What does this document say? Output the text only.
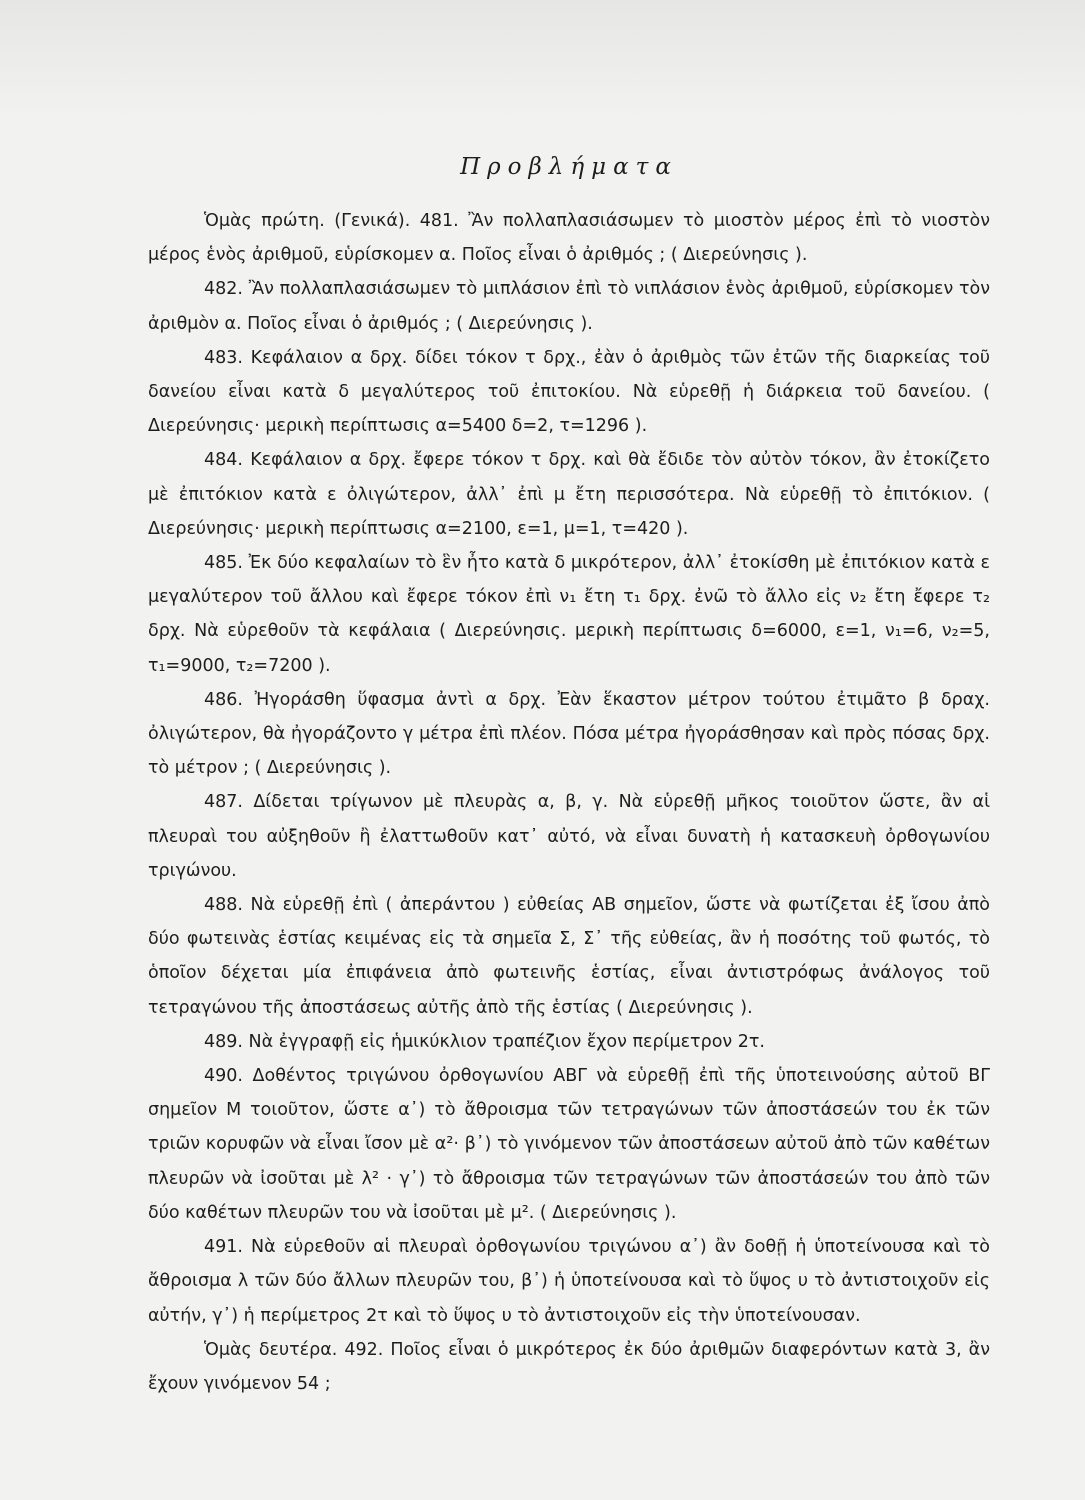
Προβλήματα

Ὁμὰς πρώτη. (Γενικά). 481. Ἂν πολλαπλασιάσωμεν τὸ μιοστὸν μέρος ἐπὶ τὸ νιοστὸν μέρος ἑνὸς ἀριθμοῦ, εὑρίσκομεν α. Ποῖος εἶναι ὁ ἀριθμός ; ( Διερεύνησις ).

482. Ἂν πολλαπλασιάσωμεν τὸ μιπλάσιον ἐπὶ τὸ νιπλάσιον ἑνὸς ἀριθμοῦ, εὑρίσκομεν τὸν ἀριθμὸν α. Ποῖος εἶναι ὁ ἀριθμός ; ( Διερεύνησις ).

483. Κεφάλαιον α δρχ. δίδει τόκον τ δρχ., ἐὰν ὁ ἀριθμὸς τῶν ἐτῶν τῆς διαρκείας τοῦ δανείου εἶναι κατὰ δ μεγαλύτερος τοῦ ἐπιτοκίου. Νὰ εὑρεθῇ ἡ διάρκεια τοῦ δανείου. ( Διερεύνησις· μερικὴ περίπτωσις α=5400 δ=2, τ=1296 ).

484. Κεφάλαιον α δρχ. ἔφερε τόκον τ δρχ. καὶ θὰ ἔδιδε τὸν αὐτὸν τόκον, ἂν ἐτοκίζετο μὲ ἐπιτόκιον κατὰ ε ὀλιγώτερον, ἀλλ᾽ ἐπὶ μ ἔτη περισσότερα. Νὰ εὑρεθῇ τὸ ἐπιτόκιον. ( Διερεύνησις· μερικὴ περίπτωσις α=2100, ε=1, μ=1, τ=420 ).

485. Ἐκ δύο κεφαλαίων τὸ ἓν ἦτο κατὰ δ μικρότερον, ἀλλ᾽ ἐτοκίσθη μὲ ἐπιτόκιον κατὰ ε μεγαλύτερον τοῦ ἄλλου καὶ ἔφερε τόκον ἐπὶ ν₁ ἔτη τ₁ δρχ. ἐνῶ τὸ ἄλλο εἰς ν₂ ἔτη ἔφερε τ₂ δρχ. Νὰ εὑρεθοῦν τὰ κεφάλαια ( Διερεύνησις. μερικὴ περίπτωσις δ=6000, ε=1, ν₁=6, ν₂=5, τ₁=9000, τ₂=7200 ).

486. Ἠγοράσθη ὕφασμα ἀντὶ α δρχ. Ἐὰν ἕκαστον μέτρον τούτου ἐτιμᾶτο β δραχ. ὀλιγώτερον, θὰ ἠγοράζοντο γ μέτρα ἐπὶ πλέον. Πόσα μέτρα ἠγοράσθησαν καὶ πρὸς πόσας δρχ. τὸ μέτρον ; ( Διερεύνησις ).

487. Δίδεται τρίγωνον μὲ πλευρὰς α, β, γ. Νὰ εὑρεθῇ μῆκος τοιοῦτον ὥστε, ἂν αἱ πλευραὶ του αὐξηθοῦν ἢ ἐλαττωθοῦν κατ᾽ αὐτό, νὰ εἶναι δυνατὴ ἡ κατασκευὴ ὀρθογωνίου τριγώνου.

488. Νὰ εὑρεθῇ ἐπὶ ( ἀπεράντου ) εὐθείας ΑΒ σημεῖον, ὥστε νὰ φωτίζεται ἐξ ἴσου ἀπὸ δύο φωτεινὰς ἑστίας κειμένας εἰς τὰ σημεῖα Σ, Σ᾽ τῆς εὐθείας, ἂν ἡ ποσότης τοῦ φωτός, τὸ ὁποῖον δέχεται μία ἐπιφάνεια ἀπὸ φωτεινῆς ἑστίας, εἶναι ἀντιστρόφως ἀνάλογος τοῦ τετραγώνου τῆς ἀποστάσεως αὐτῆς ἀπὸ τῆς ἑστίας ( Διερεύνησις ).

489. Νὰ ἐγγραφῇ εἰς ἡμικύκλιον τραπέζιον ἔχον περίμετρον 2τ.

490. Δοθέντος τριγώνου ὀρθογωνίου ΑΒΓ νὰ εὑρεθῇ ἐπὶ τῆς ὑποτεινούσης αὐτοῦ ΒΓ σημεῖον Μ τοιοῦτον, ὥστε α᾽) τὸ ἄθροισμα τῶν τετραγώνων τῶν ἀποστάσεών του ἐκ τῶν τριῶν κορυφῶν νὰ εἶναι ἴσον μὲ α²· β᾽) τὸ γινόμενον τῶν ἀποστάσεων αὐτοῦ ἀπὸ τῶν καθέτων πλευρῶν νὰ ἰσοῦται μὲ λ² · γ᾽) τὸ ἄθροισμα τῶν τετραγώνων τῶν ἀποστάσεών του ἀπὸ τῶν δύο καθέτων πλευρῶν του νὰ ἰσοῦται μὲ μ². ( Διερεύνησις ).

491. Νὰ εὑρεθοῦν αἱ πλευραὶ ὀρθογωνίου τριγώνου α᾽) ἂν δοθῇ ἡ ὑποτείνουσα καὶ τὸ ἄθροισμα λ τῶν δύο ἄλλων πλευρῶν του, β᾽) ἡ ὑποτείνουσα καὶ τὸ ὕψος υ τὸ ἀντιστοιχοῦν εἰς αὐτήν, γ᾽) ἡ περίμετρος 2τ καὶ τὸ ὕψος υ τὸ ἀντιστοιχοῦν εἰς τὴν ὑποτείνουσαν.

Ὁμὰς δευτέρα. 492. Ποῖος εἶναι ὁ μικρότερος ἐκ δύο ἀριθμῶν διαφερόντων κατὰ 3, ἂν ἔχουν γινόμενον 54 ;
